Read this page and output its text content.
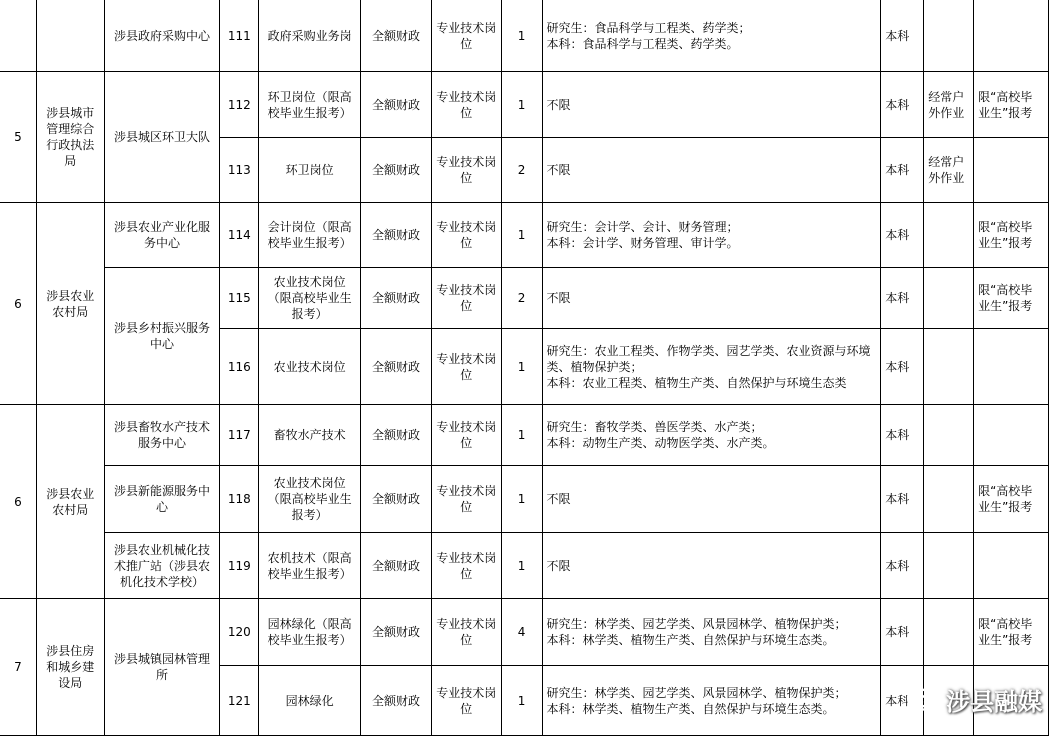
		涉县政府采购中心	111	政府采购业务岗	全额财政	专业技术岗位	1	研究生：食品科学与工程类、药学类；
本科：食品科学与工程类、药学类。	本科		
5	涉县城市管理综合行政执法局	涉县城区环卫大队	112	环卫岗位（限高校毕业生报考）	全额财政	专业技术岗位	1	不限	本科	经常户外作业	限“高校毕业生”报考
			113	环卫岗位	全额财政	专业技术岗位	2	不限	本科	经常户外作业	
6	涉县农业农村局	涉县农业产业化服务中心	114	会计岗位（限高校毕业生报考）	全额财政	专业技术岗位	1	研究生：会计学、会计、财务管理；
本科：会计学、财务管理、审计学。	本科		限“高校毕业生”报考
		涉县乡村振兴服务中心	115	农业技术岗位（限高校毕业生报考）	全额财政	专业技术岗位	2	不限	本科		限“高校毕业生”报考
			116	农业技术岗位	全额财政	专业技术岗位	1	研究生：农业工程类、作物学类、园艺学类、农业资源与环境类、植物保护类；
本科：农业工程类、植物生产类、自然保护与环境生态类	本科		
6	涉县农业农村局	涉县畜牧水产技术服务中心	117	畜牧水产技术	全额财政	专业技术岗位	1	研究生：畜牧学类、兽医学类、水产类；
本科：动物生产类、动物医学类、水产类。	本科		
		涉县新能源服务中心	118	农业技术岗位（限高校毕业生报考）	全额财政	专业技术岗位	1	不限	本科		限“高校毕业生”报考
		涉县农业机械化技术推广站（涉县农机化技术学校）	119	农机技术（限高校毕业生报考）	全额财政	专业技术岗位	1	不限	本科		
7	涉县住房和城乡建设局	涉县城镇园林管理所	120	园林绿化（限高校毕业生报考）	全额财政	专业技术岗位	4	研究生：林学类、园艺学类、风景园林学、植物保护类；
本科：林学类、植物生产类、自然保护与环境生态类。	本科		限“高校毕业生”报考
			121	园林绿化	全额财政	专业技术岗位	1	研究生：林学类、园艺学类、风景园林学、植物保护类；
本科：林学类、植物生产类、自然保护与环境生态类。	本科		涉县融媒
